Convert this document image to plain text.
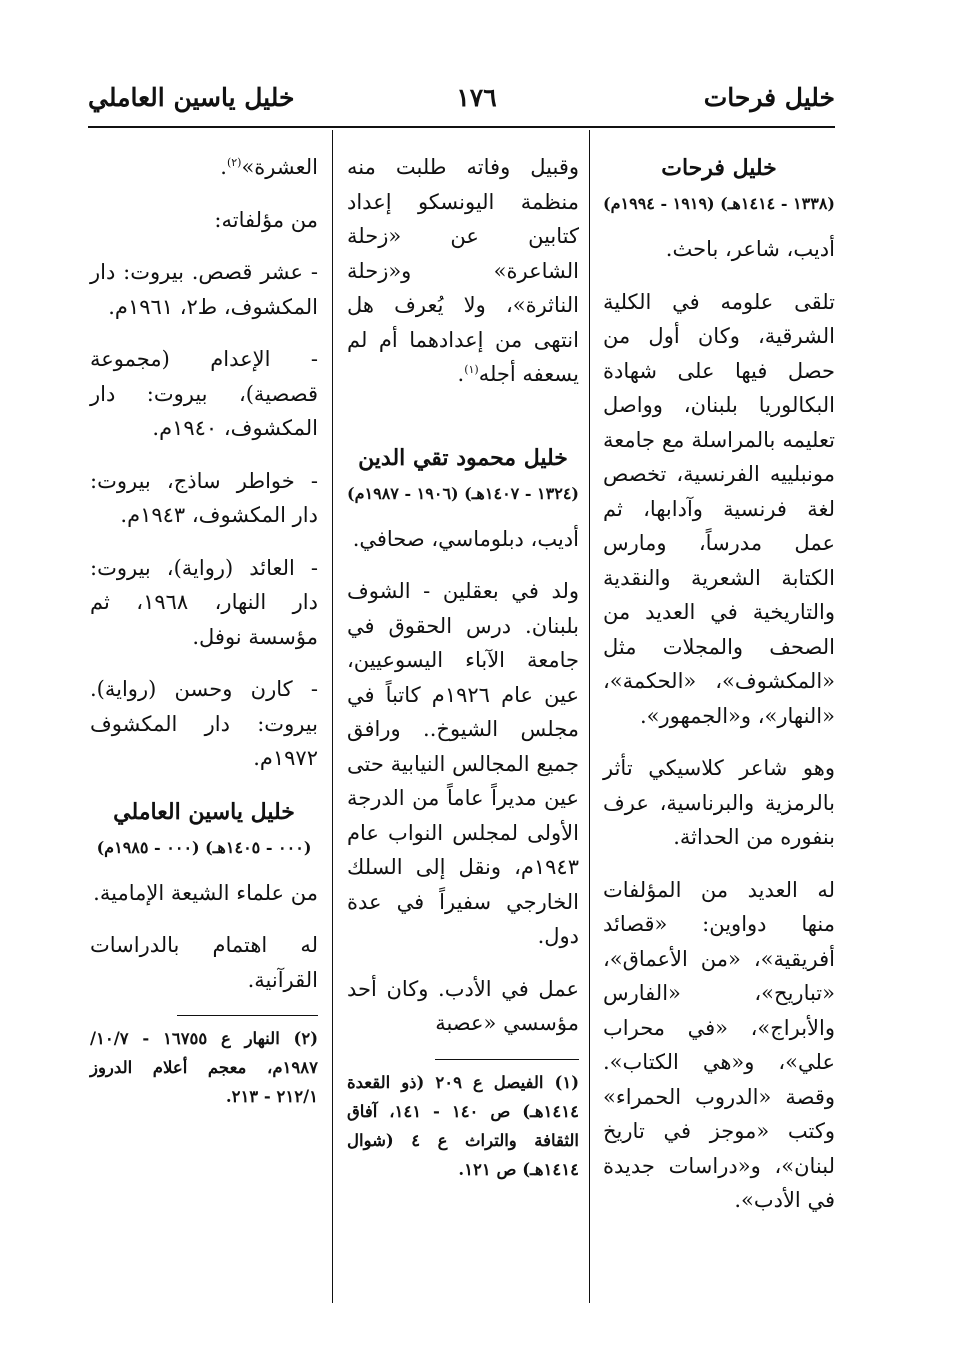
خليل فرحات
١٧٦
خليل ياسين العاملي
خليل فرحات
(١٣٣٨ - ١٤١٤هـ) (١٩١٩ - ١٩٩٤م)

أديب، شاعر، باحث.

تلقى علومه في الكلية الشرقية، وكان أول من حصل فيها على شهادة البكالوريا بلبنان، وواصل تعليمه بالمراسلة مع جامعة مونبلييه الفرنسية، تخصص لغة فرنسية وآدابها، ثم عمل مدرساً، ومارس الكتابة الشعرية والنقدية والتاريخية في العديد من الصحف والمجلات مثل «المكشوف»، «الحكمة»، «النهار»، و«الجمهور».

وهو شاعر كلاسيكي تأثر بالرمزية والبرناسية، عرف بنفوره من الحداثة.

له العديد من المؤلفات منها دواوين: «قصائد أفريقية»، «من الأعماق»، «تباريح»، «الفارس والأبراج»، «في محراب علي»، و«هي الكتاب». وقصة «الدروب الحمراء» وكتب «موجز في تاريخ لبنان»، و«دراسات جديدة في الأدب».

وقبيل وفاته طلبت منه منظمة اليونسكو إعداد كتابين عن «زحلة الشاعرة» و«زحلة الناثرة»، ولا يُعرف هل انتهى من إعدادهما أم لم يسعفه أجله$^{(١)}$.

خليل محمود تقي الدين
(١٣٢٤ - ١٤٠٧هـ) (١٩٠٦ - ١٩٨٧م)

أديب، دبلوماسي، صحافي.

ولد في بعقلين - الشوف بلبنان. درس الحقوق في جامعة الآباء اليسوعيين، عين عام ١٩٢٦م كاتباً في مجلس الشيوخ.. ورافق جميع المجالس النيابية حتى عين مديراً عاماً من الدرجة الأولى لمجلس النواب عام ١٩٤٣م، ونقل إلى السلك الخارجي سفيراً في عدة دول.

عمل في الأدب. وكان أحد مؤسسي «عصبة

(١) الفيصل ع ٢٠٩ (ذو القعدة ١٤١٤هـ) ص ١٤٠ - ١٤١، آفاق الثقافة والتراث ع ٤ (شوال ١٤١٤هـ) ص ١٢١.

العشرة»$^{(٢)}$.

من مؤلفاته:

- عشر قصص. بيروت: دار المكشوف، ط٢، ١٩٦١م.

- الإعدام (مجموعة قصصية)، بيروت: دار المكشوف، ١٩٤٠م.

- خواطر ساذج، بيروت: دار المكشوف، ١٩٤٣م.

- العائد (رواية)، بيروت: دار النهار، ١٩٦٨، ثم مؤسسة نوفل.

- كارن وحسن (رواية). بيروت: دار المكشوف ١٩٧٢م.

خليل ياسين العاملي
(٠٠٠ - ١٤٠٥هـ) (٠٠٠ - ١٩٨٥م)

من علماء الشيعة الإمامية.

له اهتمام بالدراسات القرآنية.

(٢) النهار ع ١٦٧٥٥ - ١٠/٧/ ١٩٨٧م، معجم أعلام الدروز ٢١٢/١ - ٢١٣.
